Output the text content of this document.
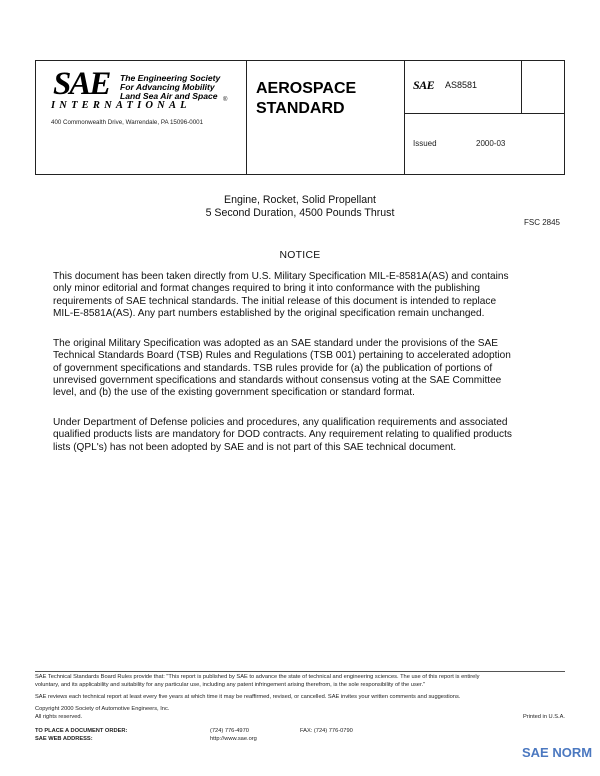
SAE	The Engineering Society
For Advancing Mobility
Land Sea Air and Space
INTERNATIONAL	®
400 Commonwealth Drive, Warrendale, PA 15096-0001
AEROSPACE
STANDARD
SAE AS8581
Issued	2000-03
Engine, Rocket, Solid Propellant
5 Second Duration, 4500 Pounds Thrust
FSC 2845
NOTICE
This document has been taken directly from U.S. Military Specification MIL-E-8581A(AS) and contains
only minor editorial and format changes required to bring it into conformance with the publishing
requirements of SAE technical standards. The initial release of this document is intended to replace
MIL-E-8581A(AS). Any part numbers established by the original specification remain unchanged.
The original Military Specification was adopted as an SAE standard under the provisions of the SAE
Technical Standards Board (TSB) Rules and Regulations (TSB 001) pertaining to accelerated adoption
of government specifications and standards. TSB rules provide for (a) the publication of portions of
unrevised government specifications and standards without consensus voting at the SAE Committee
level, and (b) the use of the existing government specification or standard format.
Under Department of Defense policies and procedures, any qualification requirements and associated
qualified products lists are mandatory for DOD contracts. Any requirement relating to qualified products
lists (QPL's) has not been adopted by SAE and is not part of this SAE technical document.
SAE Technical Standards Board Rules provide that: "This report is published by SAE to advance the state of technical and engineering sciences. The use of this report is entirely
voluntary, and its applicability and suitability for any particular use, including any patent infringement arising therefrom, is the sole responsibility of the user."
SAE reviews each technical report at least every five years at which time it may be reaffirmed, revised, or cancelled. SAE invites your written comments and suggestions.
Copyright 2000 Society of Automotive Engineers, Inc.
All rights reserved.	Printed in U.S.A.
TO PLACE A DOCUMENT ORDER:	(724) 776-4970	FAX: (724) 776-0790
SAE WEB ADDRESS:	http://www.sae.org
SAE NORM
